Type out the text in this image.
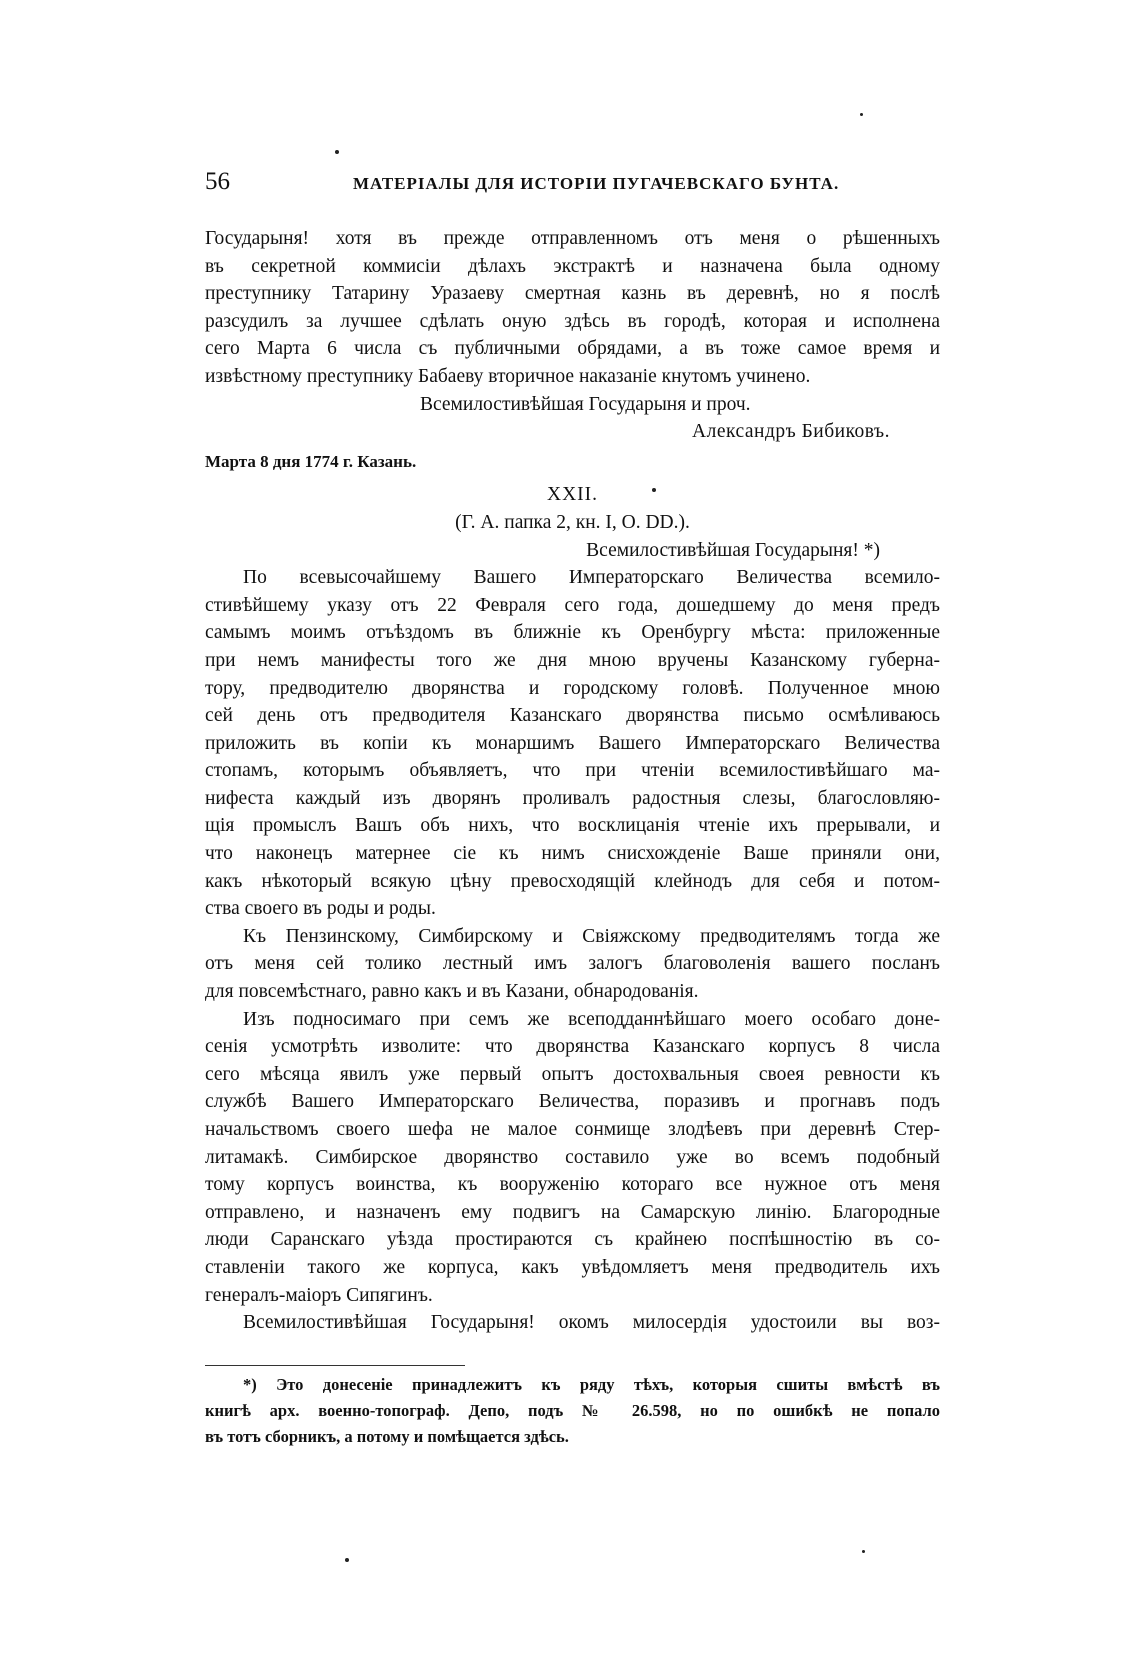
56	МАТЕРІАЛЫ ДЛЯ ИСТОРІИ ПУГАЧЕВСКАГО БУНТА.
Государыня! хотя въ прежде отправленномъ отъ меня о рѣшенныхъ
въ секретной коммисіи дѣлахъ экстрактѣ и назначена была одному
преступнику Татарину Уразаеву смертная казнь въ деревнѣ, но я послѣ
разсудилъ за лучшее сдѣлать оную здѣсь въ городѣ, которая и исполнена
сего Марта 6 числа съ публичными обрядами, а въ тоже самое время и
извѣстному преступнику Бабаеву вторичное наказаніе кнутомъ учинено.
Всемилостивѣйшая Государыня и проч.
Александръ Бибиковъ.
Марта 8 дня 1774 г. Казань.
XXII.
(Г. А. папка 2, кн. I, О. DD.).
Всемилостивѣйшая Государыня! *)
По всевысочайшему Вашего Императорскаго Величества всемило-
стивѣйшему указу отъ 22 Февраля сего года, дошедшему до меня предъ
самымъ моимъ отъѣздомъ въ ближніе къ Оренбургу мѣста: приложенные
при немъ манифесты того же дня мною вручены Казанскому губерна-
тору, предводителю дворянства и городскому головѣ. Полученное мною
сей день отъ предводителя Казанскаго дворянства письмо осмѣливаюсь
приложить въ копіи къ монаршимъ Вашего Императорскаго Величества
стопамъ, которымъ объявляетъ, что при чтеніи всемилостивѣйшаго ма-
нифеста каждый изъ дворянъ проливалъ радостныя слезы, благословляю-
щія промыслъ Вашъ объ нихъ, что восклицанія чтеніе ихъ прерывали, и
что наконецъ матернее сіе къ нимъ снисхожденіе Ваше приняли они,
какъ нѣкоторый всякую цѣну превосходящій клейнодъ для себя и потом-
ства своего въ роды и роды.
Къ Пензинскому, Симбирскому и Свіяжскому предводителямъ тогда же
отъ меня сей толико лестный имъ залогъ благоволенія вашего посланъ
для повсемѣстнаго, равно какъ и въ Казани, обнародованія.
Изъ подносимаго при семъ же всеподданнѣйшаго моего особаго доне-
сенія усмотрѣть изволите: что дворянства Казанскаго корпусъ 8 числа
сего мѣсяца явилъ уже первый опытъ достохвальныя своея ревности къ
службѣ Вашего Императорскаго Величества, поразивъ и прогнавъ подъ
начальствомъ своего шефа не малое сонмище злодѣевъ при деревнѣ Стер-
литамакѣ. Симбирское дворянство составило уже во всемъ подобный
тому корпусъ воинства, къ вооруженію котораго все нужное отъ меня
отправлено, и назначенъ ему подвигъ на Самарскую линію. Благородные
люди Саранскаго уѣзда простираются съ крайнею поспѣшностію въ со-
ставленіи такого же корпуса, какъ увѣдомляетъ меня предводитель ихъ
генералъ-маіоръ Сипягинъ.
Всемилостивѣйшая Государыня! окомъ милосердія удостоили вы воз-
*) Это донесеніе принадлежитъ къ ряду тѣхъ, которыя сшиты вмѣстѣ въ
книгѣ арх. военно-топограф. Депо, подъ № 26.598, но по ошибкѣ не попало
въ тотъ сборникъ, а потому и помѣщается здѣсь.
